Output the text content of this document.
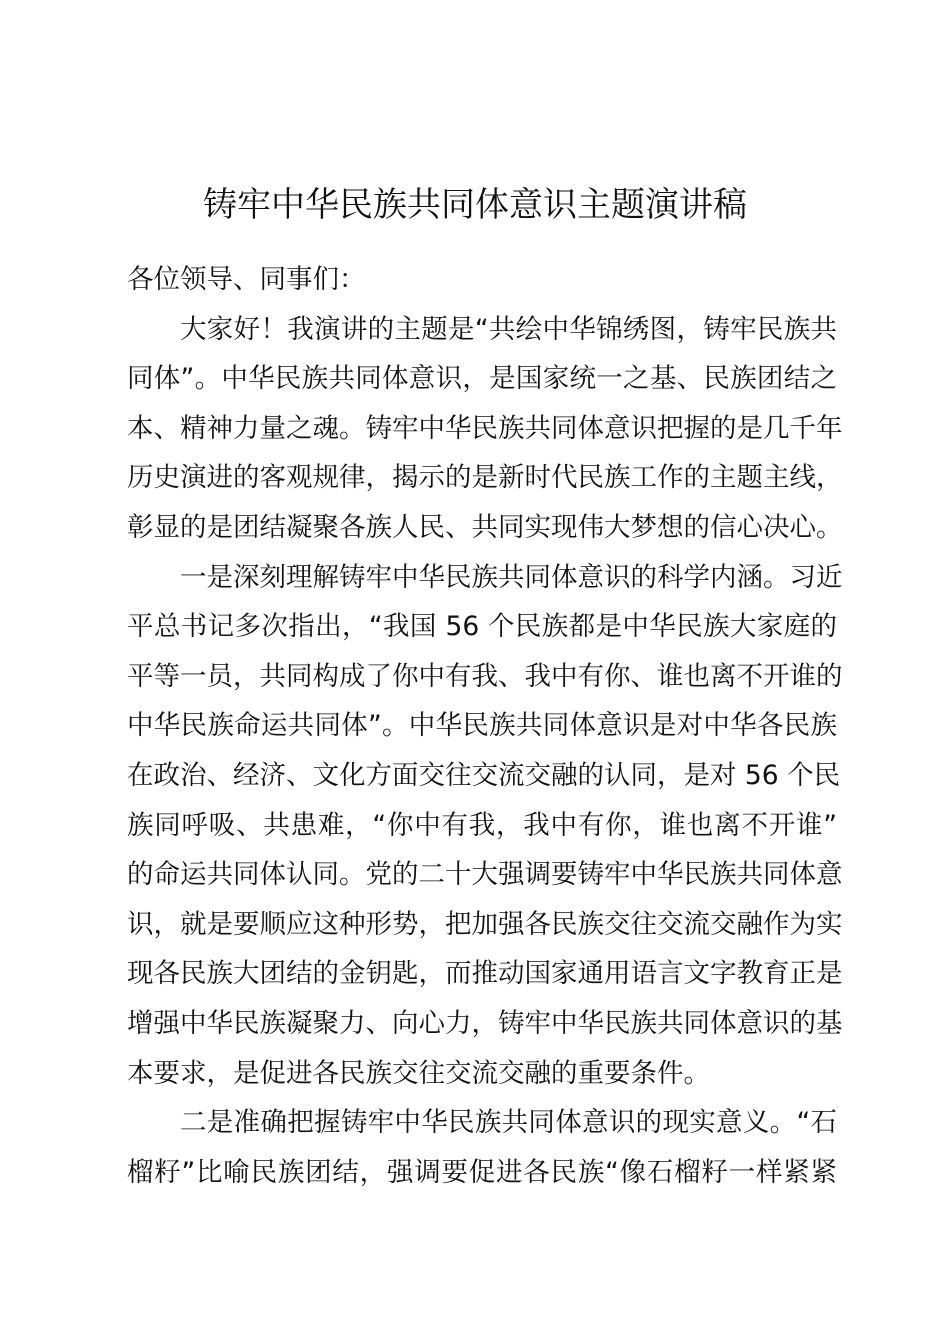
铸牢中华民族共同体意识主题演讲稿

各位领导、同事们：

大家好！我演讲的主题是“共绘中华锦绣图，铸牢民族共
同体”。中华民族共同体意识，是国家统一之基、民族团结之
本、精神力量之魂。铸牢中华民族共同体意识把握的是几千年
历史演进的客观规律，揭示的是新时代民族工作的主题主线，
彰显的是团结凝聚各族人民、共同实现伟大梦想的信心决心。
一是深刻理解铸牢中华民族共同体意识的科学内涵。习近
平总书记多次指出，“我国 56 个民族都是中华民族大家庭的
平等一员，共同构成了你中有我、我中有你、谁也离不开谁的
中华民族命运共同体”。中华民族共同体意识是对中华各民族
在政治、经济、文化方面交往交流交融的认同，是对 56 个民
族同呼吸、共患难，“你中有我，我中有你，谁也离不开谁”
的命运共同体认同。党的二十大强调要铸牢中华民族共同体意
识，就是要顺应这种形势，把加强各民族交往交流交融作为实
现各民族大团结的金钥匙，而推动国家通用语言文字教育正是
增强中华民族凝聚力、向心力，铸牢中华民族共同体意识的基
本要求，是促进各民族交往交流交融的重要条件。
二是准确把握铸牢中华民族共同体意识的现实意义。“石
榴籽”比喻民族团结，强调要促进各民族“像石榴籽一样紧紧
